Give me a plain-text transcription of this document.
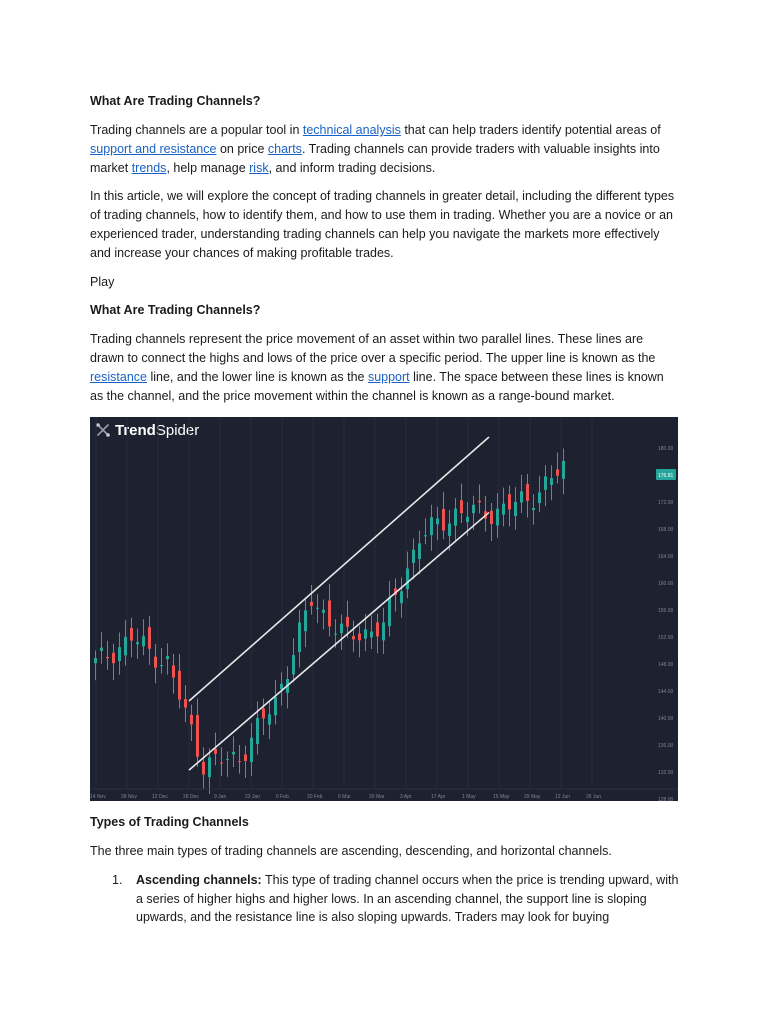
What Are Trading Channels?

Trading channels are a popular tool in technical analysis that can help traders identify potential areas of support and resistance on price charts. Trading channels can provide traders with valuable insights into market trends, help manage risk, and inform trading decisions.

In this article, we will explore the concept of trading channels in greater detail, including the different types of trading channels, how to identify them, and how to use them in trading. Whether you are a novice or an experienced trader, understanding trading channels can help you navigate the markets more effectively and increase your chances of making profitable trades.

Play

What Are Trading Channels?

Trading channels represent the price movement of an asset within two parallel lines. These lines are drawn to connect the highs and lows of the price over a specific period. The upper line is known as the resistance line, and the lower line is known as the support line. The space between these lines is known as the channel, and the price movement within the channel is known as a range-bound market.

TrendSpider
180.00
176.81
172.00
168.00
164.00
160.00
156.00
152.00
148.00
144.00
140.00
136.00
132.00
128.00
14 Nov	28 Nov	12 Dec	26 Dec	9 Jan	23 Jan	6 Feb	20 Feb	6 Mar	20 Mar	3 Apr	17 Apr	1 May	15 May	29 May	12 Jun	26 Jun
Types of Trading Channels

The three main types of trading channels are ascending, descending, and horizontal channels.

1. Ascending channels: This type of trading channel occurs when the price is trending upward, with a series of higher highs and higher lows. In an ascending channel, the support line is sloping upwards, and the resistance line is also sloping upwards. Traders may look for buying
